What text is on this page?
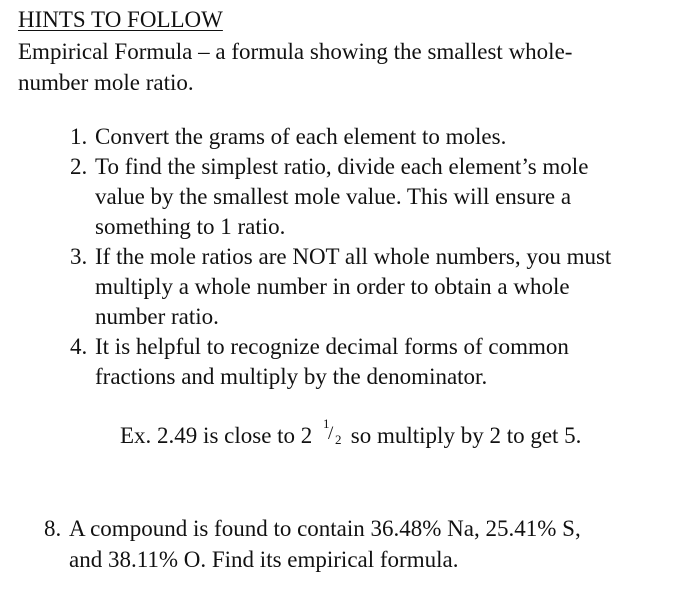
HINTS TO FOLLOW
Empirical Formula – a formula showing the smallest whole-
number mole ratio.
1. Convert the grams of each element to moles.
2. To find the simplest ratio, divide each element’s mole
value by the smallest mole value. This will ensure a
something to 1 ratio.
3. If the mole ratios are NOT all whole numbers, you must
multiply a whole number in order to obtain a whole
number ratio.
4. It is helpful to recognize decimal forms of common
fractions and multiply by the denominator.
Ex. 2.49 is close to 2 1
/ 2 so multiply by 2 to get 5.
8. A compound is found to contain 36.48% Na, 25.41% S,
and 38.11% O. Find its empirical formula.
